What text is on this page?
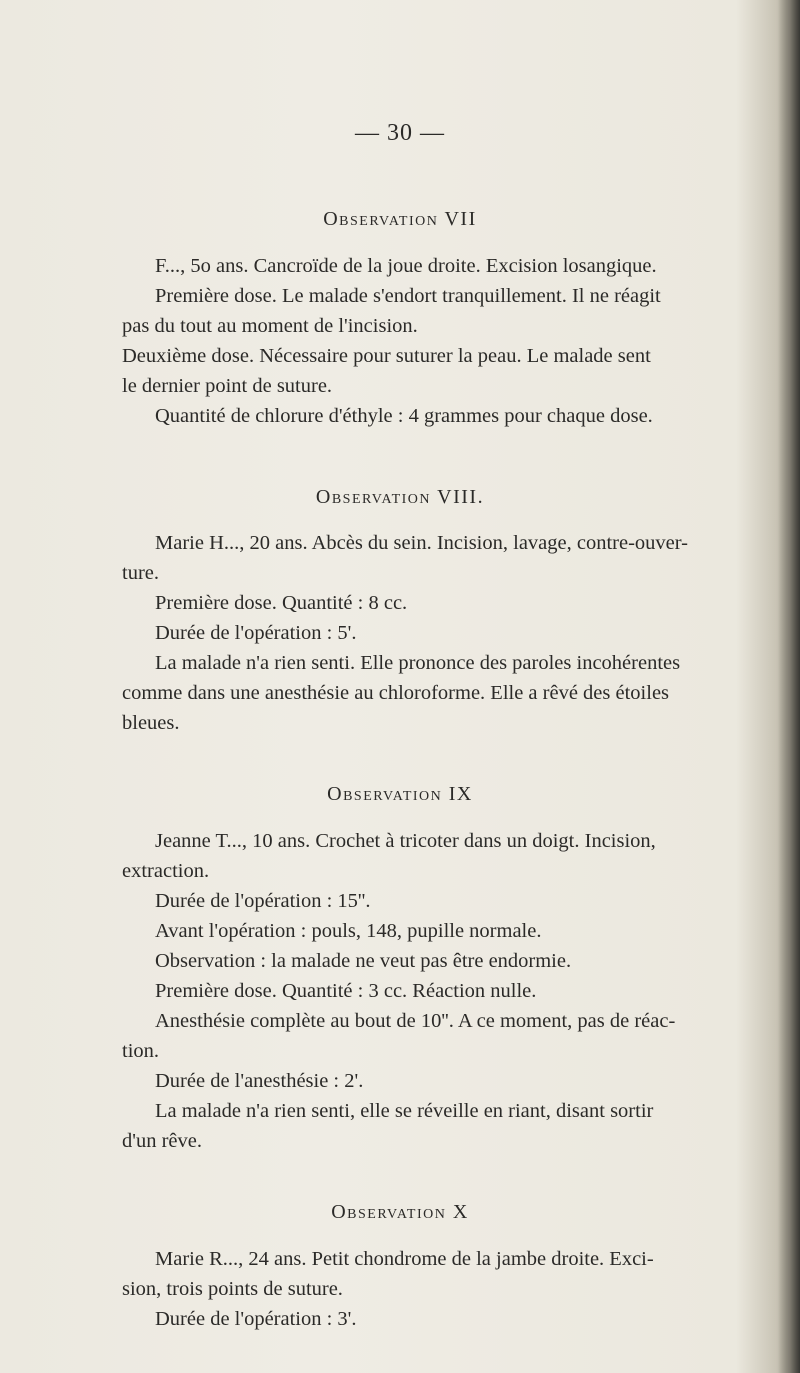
— 30 —
Observation VII
F..., 5o ans. Cancroïde de la joue droite. Excision losangique.
Première dose. Le malade s'endort tranquillement. Il ne réagit
pas du tout au moment de l'incision.
Deuxième dose. Nécessaire pour suturer la peau. Le malade sent
le dernier point de suture.
Quantité de chlorure d'éthyle : 4 grammes pour chaque dose.
Observation VIII.
Marie H..., 20 ans. Abcès du sein. Incision, lavage, contre-ouver-
ture.
Première dose. Quantité : 8 cc.
Durée de l'opération : 5'.
La malade n'a rien senti. Elle prononce des paroles incohérentes
comme dans une anesthésie au chloroforme. Elle a rêvé des étoiles
bleues.
Observation IX
Jeanne T..., 10 ans. Crochet à tricoter dans un doigt. Incision,
extraction.
Durée de l'opération : 15''.
Avant l'opération : pouls, 148, pupille normale.
Observation : la malade ne veut pas être endormie.
Première dose. Quantité : 3 cc. Réaction nulle.
Anesthésie complète au bout de 10''. A ce moment, pas de réac-
tion.
Durée de l'anesthésie : 2'.
La malade n'a rien senti, elle se réveille en riant, disant sortir
d'un rêve.
Observation X
Marie R..., 24 ans. Petit chondrome de la jambe droite. Exci-
sion, trois points de suture.
Durée de l'opération : 3'.
